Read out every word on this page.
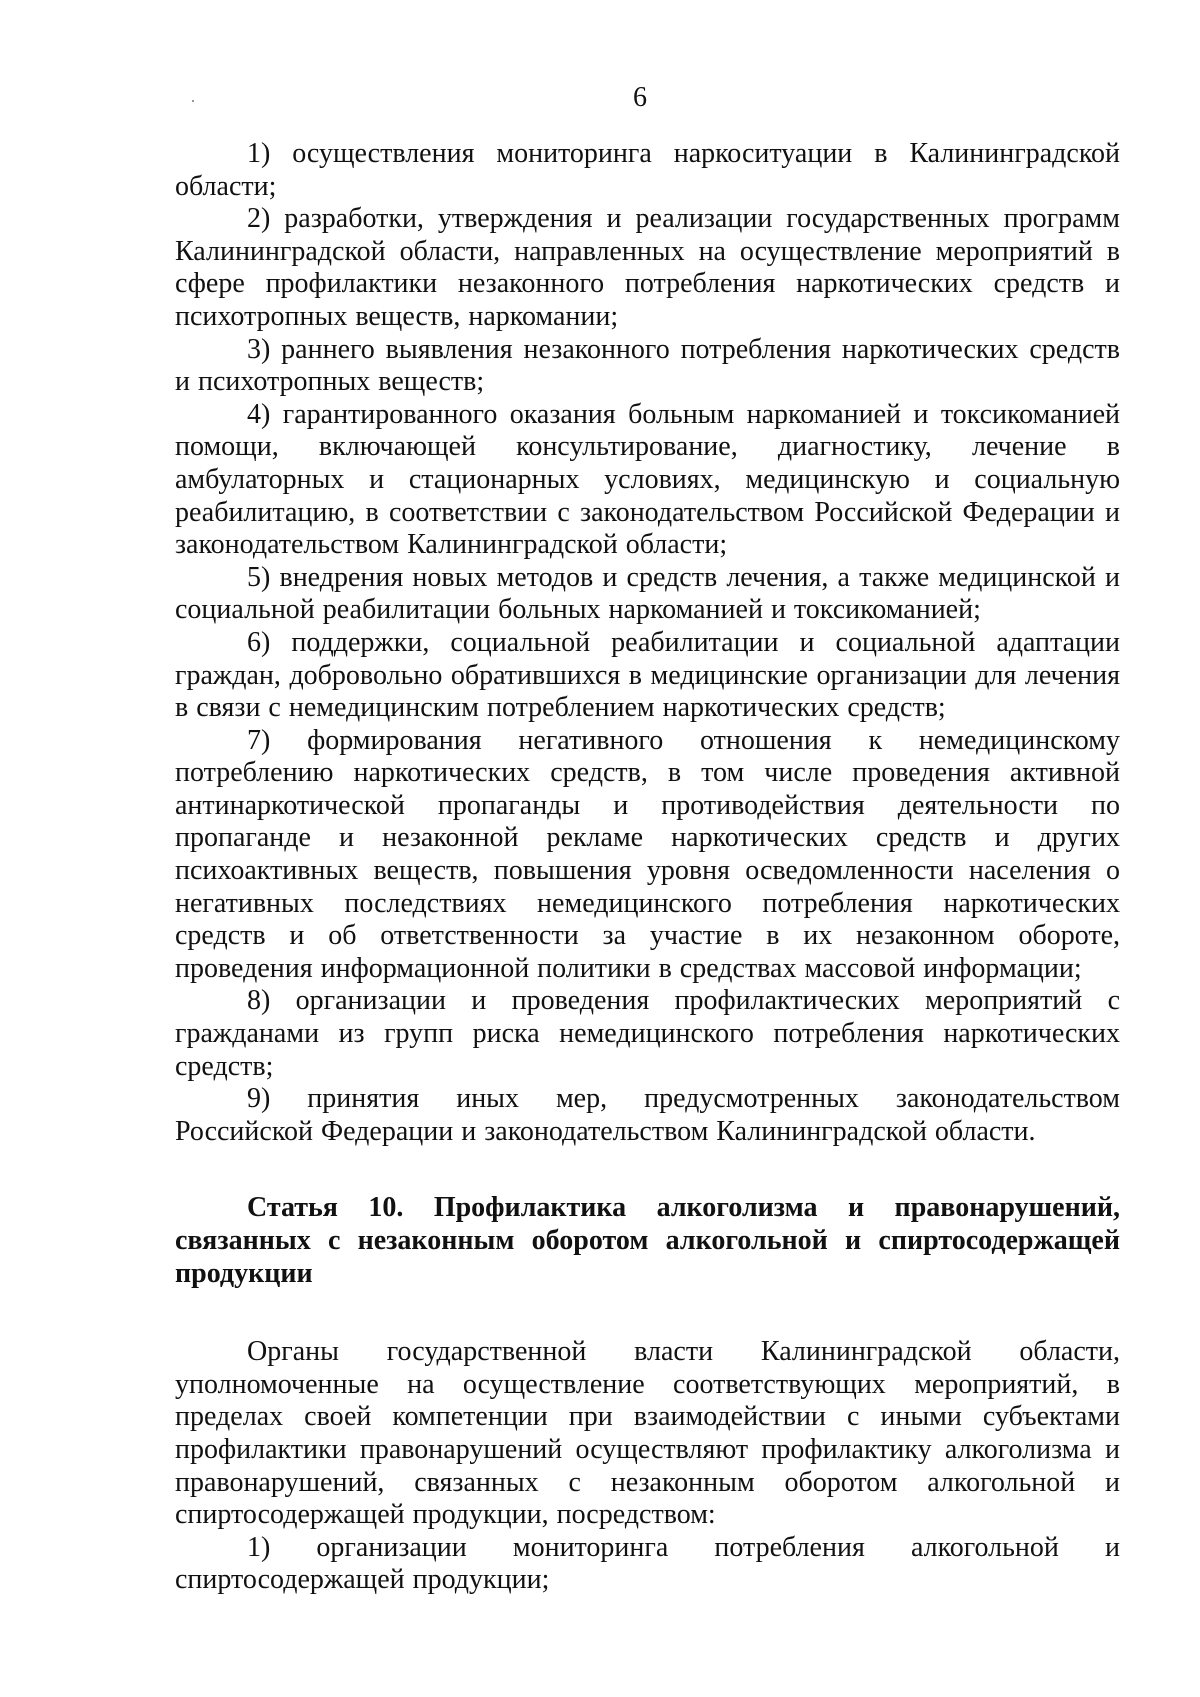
6

1) осуществления мониторинга наркоситуации в Калининградской области;

2) разработки, утверждения и реализации государственных программ Калининградской области, направленных на осуществление мероприятий в сфере профилактики незаконного потребления наркотических средств и психотропных веществ, наркомании;

3) раннего выявления незаконного потребления наркотических средств и психотропных веществ;

4) гарантированного оказания больным наркоманией и токсикоманией помощи, включающей консультирование, диагностику, лечение в амбулаторных и стационарных условиях, медицинскую и социальную реабилитацию, в соответствии с законодательством Российской Федерации и законодательством Калининградской области;

5) внедрения новых методов и средств лечения, а также медицинской и социальной реабилитации больных наркоманией и токсикоманией;

6) поддержки, социальной реабилитации и социальной адаптации граждан, добровольно обратившихся в медицинские организации для лечения в связи с немедицинским потреблением наркотических средств;

7) формирования негативного отношения к немедицинскому потреблению наркотических средств, в том числе проведения активной антинаркотической пропаганды и противодействия деятельности по пропаганде и незаконной рекламе наркотических средств и других психоактивных веществ, повышения уровня осведомленности населения о негативных последствиях немедицинского потребления наркотических средств и об ответственности за участие в их незаконном обороте, проведения информационной политики в средствах массовой информации;

8) организации и проведения профилактических мероприятий с гражданами из групп риска немедицинского потребления наркотических средств;

9) принятия иных мер, предусмотренных законодательством Российской Федерации и законодательством Калининградской области.

Статья 10. Профилактика алкоголизма и правонарушений, связанных с незаконным оборотом алкогольной и спиртосодержащей продукции

Органы государственной власти Калининградской области, уполномоченные на осуществление соответствующих мероприятий, в пределах своей компетенции при взаимодействии с иными субъектами профилактики правонарушений осуществляют профилактику алкоголизма и правонарушений, связанных с незаконным оборотом алкогольной и спиртосодержащей продукции, посредством:

1) организации мониторинга потребления алкогольной и спиртосодержащей продукции;
